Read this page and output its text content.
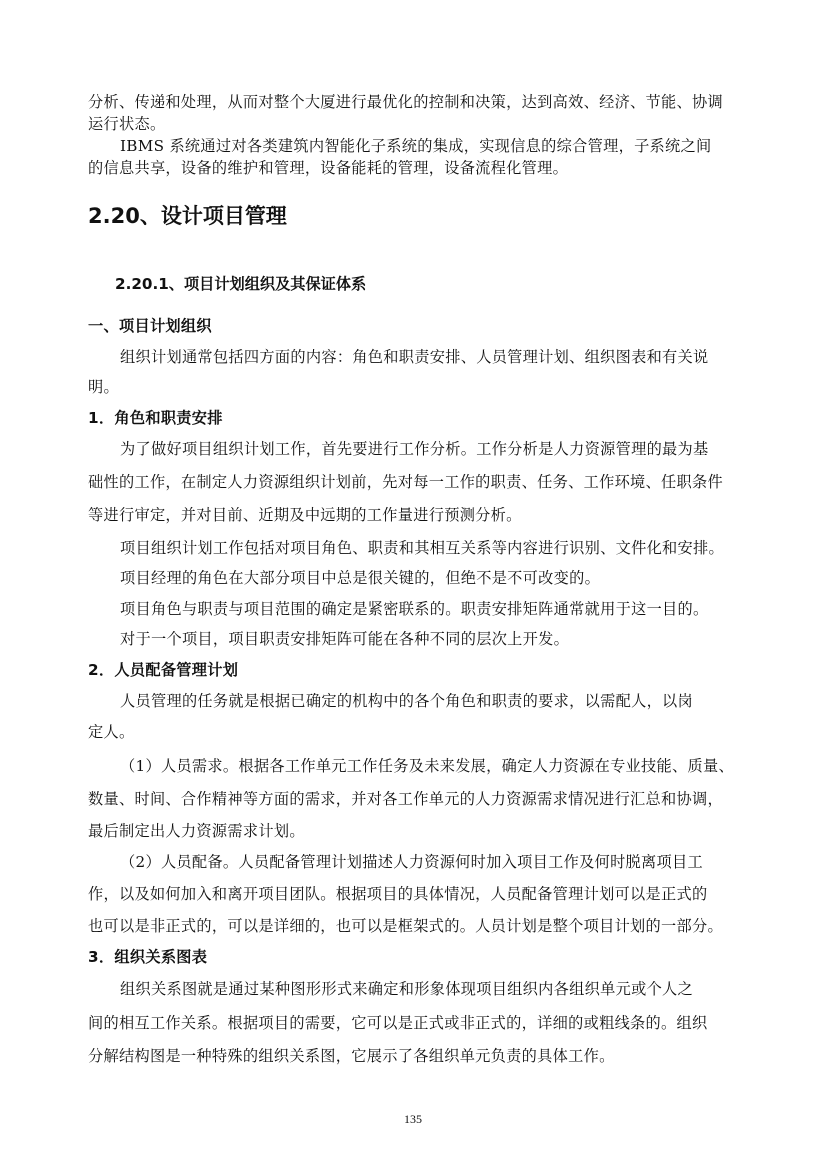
分析、传递和处理，从而对整个大厦进行最优化的控制和决策，达到高效、经济、节能、协调
运行状态。
IBMS 系统通过对各类建筑内智能化子系统的集成，实现信息的综合管理，子系统之间
的信息共享，设备的维护和管理，设备能耗的管理，设备流程化管理。
2.20、设计项目管理
2.20.1、项目计划组织及其保证体系
一、项目计划组织
组织计划通常包括四方面的内容：角色和职责安排、人员管理计划、组织图表和有关说
明。
1．角色和职责安排
为了做好项目组织计划工作，首先要进行工作分析。工作分析是人力资源管理的最为基
础性的工作，在制定人力资源组织计划前，先对每一工作的职责、任务、工作环境、任职条件
等进行审定，并对目前、近期及中远期的工作量进行预测分析。
项目组织计划工作包括对项目角色、职责和其相互关系等内容进行识别、文件化和安排。
项目经理的角色在大部分项目中总是很关键的，但绝不是不可改变的。
项目角色与职责与项目范围的确定是紧密联系的。职责安排矩阵通常就用于这一目的。
对于一个项目，项目职责安排矩阵可能在各种不同的层次上开发。
2．人员配备管理计划
人员管理的任务就是根据已确定的机构中的各个角色和职责的要求，以需配人，以岗
定人。
（1）人员需求。根据各工作单元工作任务及未来发展，确定人力资源在专业技能、质量、
数量、时间、合作精神等方面的需求，并对各工作单元的人力资源需求情况进行汇总和协调，
最后制定出人力资源需求计划。
（2）人员配备。人员配备管理计划描述人力资源何时加入项目工作及何时脱离项目工
作，以及如何加入和离开项目团队。根据项目的具体情况，人员配备管理计划可以是正式的
也可以是非正式的，可以是详细的，也可以是框架式的。人员计划是整个项目计划的一部分。
3．组织关系图表
组织关系图就是通过某种图形形式来确定和形象体现项目组织内各组织单元或个人之
间的相互工作关系。根据项目的需要，它可以是正式或非正式的，详细的或粗线条的。组织
分解结构图是一种特殊的组织关系图，它展示了各组织单元负责的具体工作。
135
